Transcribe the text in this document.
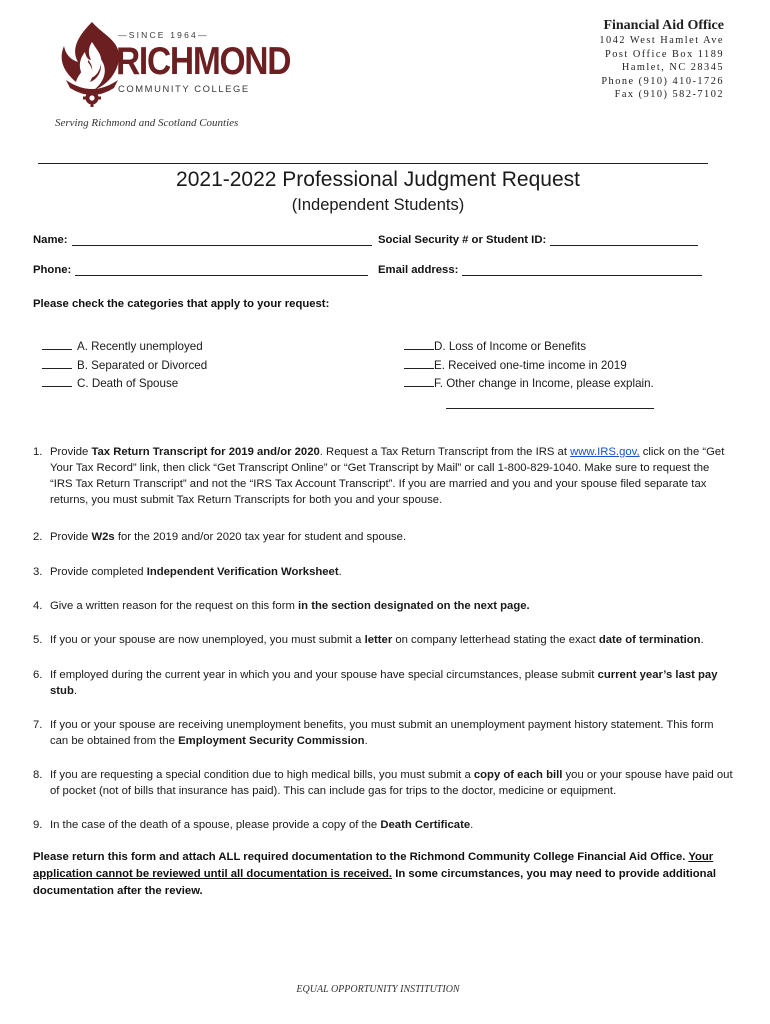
—SINCE 1964—
RICHMOND
COMMUNITY COLLEGE
Serving Richmond and Scotland Counties
Financial Aid Office
1042 West Hamlet Ave
Post Office Box 1189
Hamlet, NC 28345
Phone (910) 410-1726
Fax (910) 582-7102
2021-2022 Professional Judgment Request
(Independent Students)
Name:	Social Security # or Student ID:
Phone:	Email address:
Please check the categories that apply to your request:
A. Recently unemployed
B. Separated or Divorced
C. Death of Spouse
D. Loss of Income or Benefits
E. Received one-time income in 2019
F. Other change in Income, please explain.
1. Provide Tax Return Transcript for 2019 and/or 2020. Request a Tax Return Transcript from the IRS at www.IRS.gov, click on the “Get Your Tax Record” link, then click “Get Transcript Online” or “Get Transcript by Mail” or call 1-800-829-1040. Make sure to request the “IRS Tax Return Transcript” and not the “IRS Tax Account Transcript”. If you are married and you and your spouse filed separate tax returns, you must submit Tax Return Transcripts for both you and your spouse.
2. Provide W2s for the 2019 and/or 2020 tax year for student and spouse.
3. Provide completed Independent Verification Worksheet.
4. Give a written reason for the request on this form in the section designated on the next page.
5. If you or your spouse are now unemployed, you must submit a letter on company letterhead stating the exact date of termination.
6. If employed during the current year in which you and your spouse have special circumstances, please submit current year’s last pay stub.
7. If you or your spouse are receiving unemployment benefits, you must submit an unemployment payment history statement. This form can be obtained from the Employment Security Commission.
8. If you are requesting a special condition due to high medical bills, you must submit a copy of each bill you or your spouse have paid out of pocket (not of bills that insurance has paid). This can include gas for trips to the doctor, medicine or equipment.
9. In the case of the death of a spouse, please provide a copy of the Death Certificate.
Please return this form and attach ALL required documentation to the Richmond Community College Financial Aid Office. Your application cannot be reviewed until all documentation is received. In some circumstances, you may need to provide additional documentation after the review.
EQUAL OPPORTUNITY INSTITUTION
